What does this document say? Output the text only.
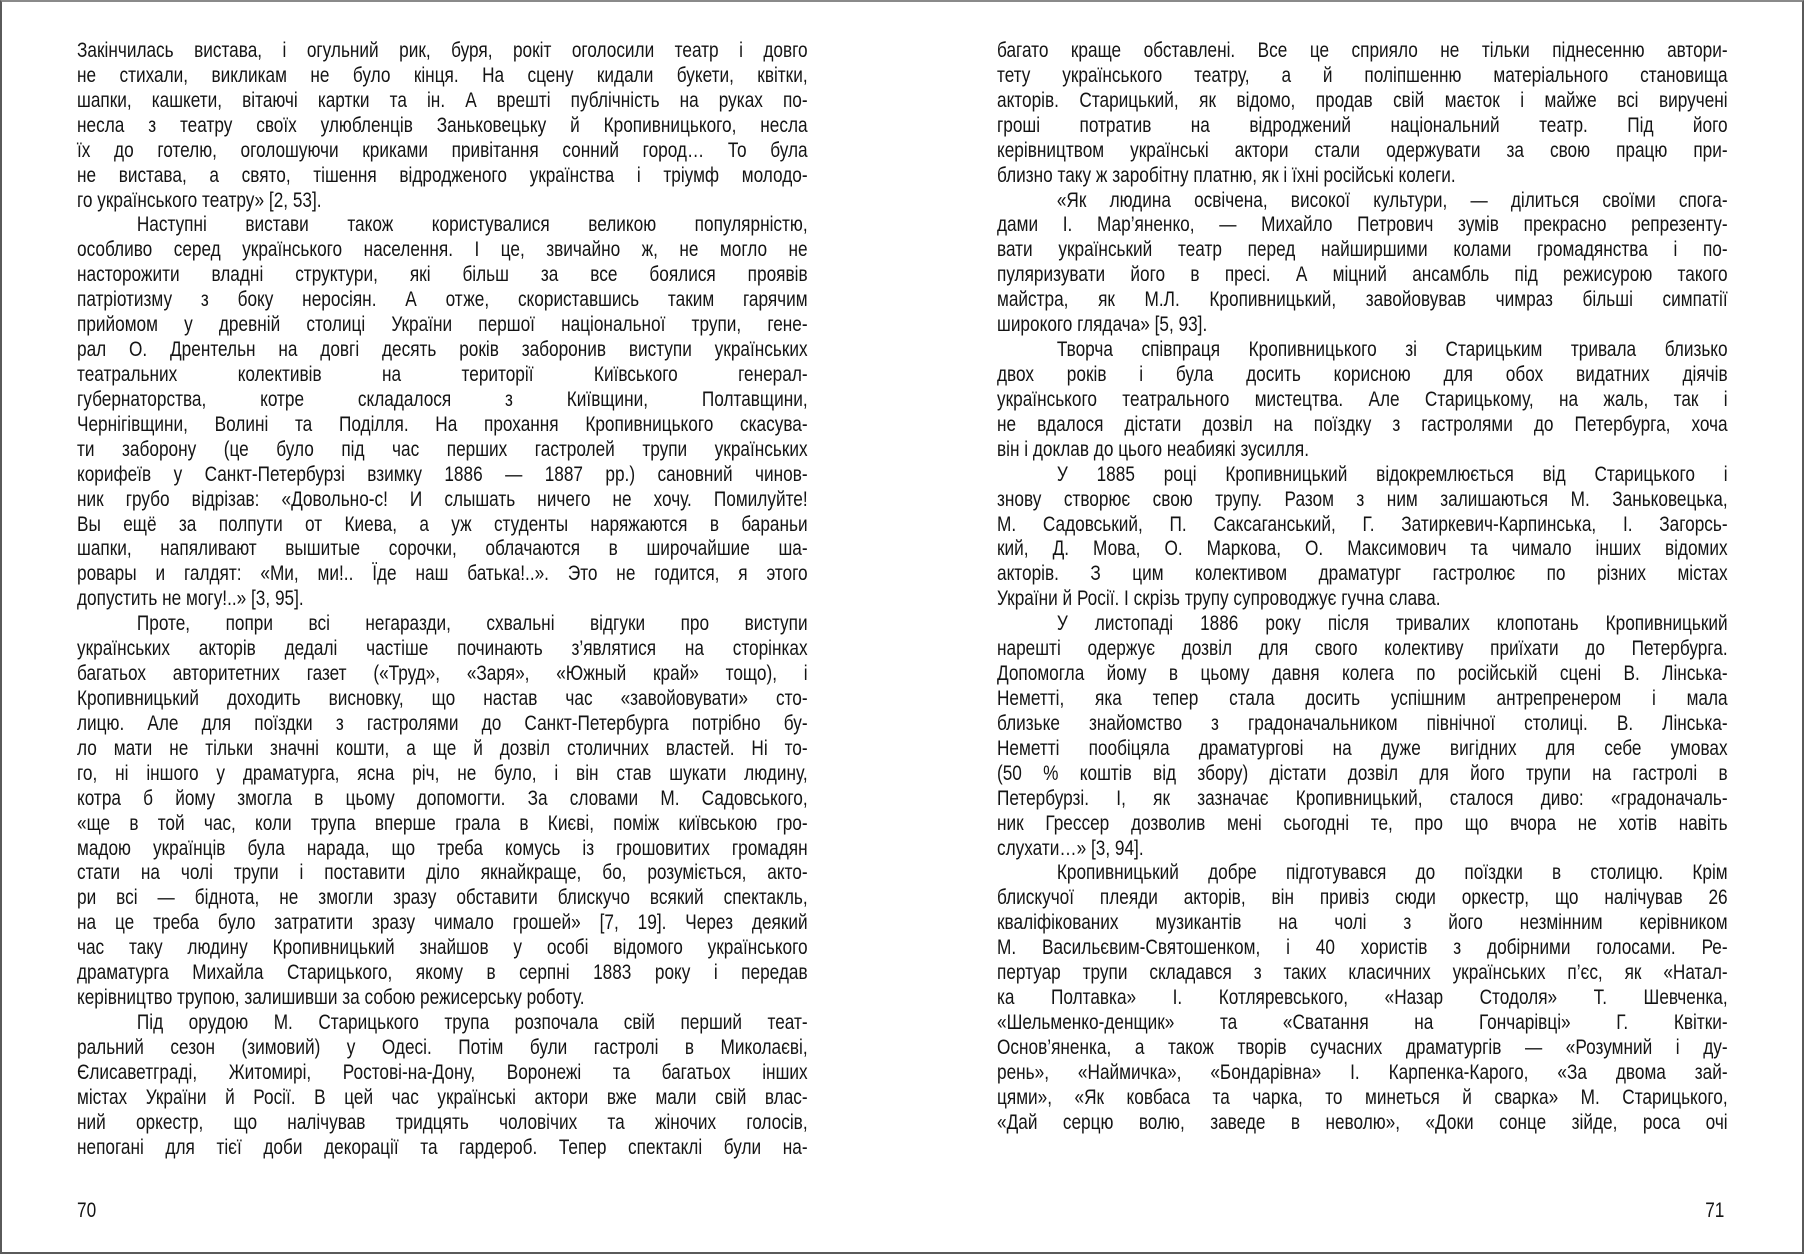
Закінчилась вистава, і огульний рик, буря, рокіт оголосили театр і довго
не стихали, викликам не було кінця. На сцену кидали букети, квітки,
шапки, кашкети, вітаючі картки та ін. А врешті публічність на руках по-
несла з театру своїх улюбленців Заньковецьку й Кропивницького, несла
їх до готелю, оголошуючи криками привітання сонний город… То була
не вистава, а свято, тішення відродженого українства і тріумф молодо-
го українського театру» [2, 53].
Наступні вистави також користувалися великою популярністю,
особливо серед українського населення. І це, звичайно ж, не могло не
насторожити владні структури, які більш за все боялися проявів
патріотизму з боку неросіян. А отже, скориставшись таким гарячим
прийомом у древній столиці України першої національної трупи, гене-
рал О. Дрентельн на довгі десять років заборонив виступи українських
театральних колективів на території Київського генерал-
губернаторства, котре складалося з Київщини, Полтавщини,
Чернігівщини, Волині та Поділля. На прохання Кропивницького скасува-
ти заборону (це було під час перших гастролей трупи українських
корифеїв у Санкт-Петербурзі взимку 1886 — 1887 рр.) сановний чинов-
ник грубо відрізав: «Довольно-с! И слышать ничего не хочу. Помилуйте!
Вы ещё за полпути от Киева, а уж студенты наряжаются в бараньи
шапки, напяливают вышитые сорочки, облачаются в широчайшие ша-
ровары и галдят: «Ми, ми!.. Їде наш батька!..». Это не годится, я этого
допустить не могу!..» [3, 95].
Проте, попри всі негаразди, схвальні відгуки про виступи
українських акторів дедалі частіше починають з’являтися на сторінках
багатьох авторитетних газет («Труд», «Заря», «Южный край» тощо), і
Кропивницький доходить висновку, що настав час «завойовувати» сто-
лицю. Але для поїздки з гастролями до Санкт-Петербурга потрібно бу-
ло мати не тільки значні кошти, а ще й дозвіл столичних властей. Ні то-
го, ні іншого у драматурга, ясна річ, не було, і він став шукати людину,
котра б йому змогла в цьому допомогти. За словами М. Садовського,
«ще в той час, коли трупа вперше грала в Києві, поміж київською гро-
мадою українців була нарада, що треба комусь із грошовитих громадян
стати на чолі трупи і поставити діло якнайкраще, бо, розуміється, акто-
ри всі — біднота, не змогли зразу обставити блискучо всякий спектакль,
на це треба було затратити зразу чимало грошей» [7, 19]. Через деякий
час таку людину Кропивницький знайшов у особі відомого українського
драматурга Михайла Старицького, якому в серпні 1883 року і передав
керівництво трупою, залишивши за собою режисерську роботу.
Під орудою М. Старицького трупа розпочала свій перший теат-
ральний сезон (зимовий) у Одесі. Потім були гастролі в Миколаєві,
Єлисаветграді, Житомирі, Ростові-на-Дону, Воронежі та багатьох інших
містах України й Росії. В цей час українські актори вже мали свій влас-
ний оркестр, що налічував тридцять чоловічих та жіночих голосів,
непогані для тієї доби декорації та гардероб. Тепер спектаклі були на-
багато краще обставлені. Все це сприяло не тільки піднесенню автори-
тету українського театру, а й поліпшенню матеріального становища
акторів. Старицький, як відомо, продав свій маєток і майже всі виручені
гроші потратив на відроджений національний театр. Під його
керівництвом українські актори стали одержувати за свою працю при-
близно таку ж заробітну платню, як і їхні російські колеги.
«Як людина освічена, високої культури, — ділиться своїми спога-
дами І. Мар’яненко, — Михайло Петрович зумів прекрасно репрезенту-
вати український театр перед найширшими колами громадянства і по-
пуляризувати його в пресі. А міцний ансамбль під режисурою такого
майстра, як М.Л. Кропивницький, завойовував чимраз більші симпатії
широкого глядача» [5, 93].
Творча співпраця Кропивницького зі Старицьким тривала близько
двох років і була досить корисною для обох видатних діячів
українського театрального мистецтва. Але Старицькому, на жаль, так і
не вдалося дістати дозвіл на поїздку з гастролями до Петербурга, хоча
він і доклав до цього неабиякі зусилля.
У 1885 році Кропивницький відокремлюється від Старицького і
знову створює свою трупу. Разом з ним залишаються М. Заньковецька,
М. Садовський, П. Саксаганський, Г. Затиркевич-Карпинська, І. Загорсь-
кий, Д. Мова, О. Маркова, О. Максимович та чимало інших відомих
акторів. З цим колективом драматург гастролює по різних містах
України й Росії. І скрізь трупу супроводжує гучна слава.
У листопаді 1886 року після тривалих клопотань Кропивницький
нарешті одержує дозвіл для свого колективу приїхати до Петербурга.
Допомогла йому в цьому давня колега по російській сцені В. Лінська-
Неметті, яка тепер стала досить успішним антрепренером і мала
близьке знайомство з градоначальником північної столиці. В. Лінська-
Неметті пообіцяла драматургові на дуже вигідних для себе умовах
(50 % коштів від збору) дістати дозвіл для його трупи на гастролі в
Петербурзі. І, як зазначає Кропивницький, сталося диво: «градоначаль-
ник Грессер дозволив мені сьогодні те, про що вчора не хотів навіть
слухати…» [3, 94].
Кропивницький добре підготувався до поїздки в столицю. Крім
блискучої плеяди акторів, він привіз сюди оркестр, що налічував 26
кваліфікованих музикантів на чолі з його незмінним керівником
М. Васильєвим-Святошенком, і 40 хористів з добірними голосами. Ре-
пертуар трупи складався з таких класичних українських п’єс, як «Натал-
ка Полтавка» І. Котляревського, «Назар Стодоля» Т. Шевченка,
«Шельменко-денщик» та «Сватання на Гончарівці» Г. Квітки-
Основ’яненка, а також творів сучасних драматургів — «Розумний і ду-
рень», «Наймичка», «Бондарівна» І. Карпенка-Карого, «За двома зай-
цями», «Як ковбаса та чарка, то минеться й сварка» М. Старицького,
«Дай серцю волю, заведе в неволю», «Доки сонце зійде, роса очі
70	71
